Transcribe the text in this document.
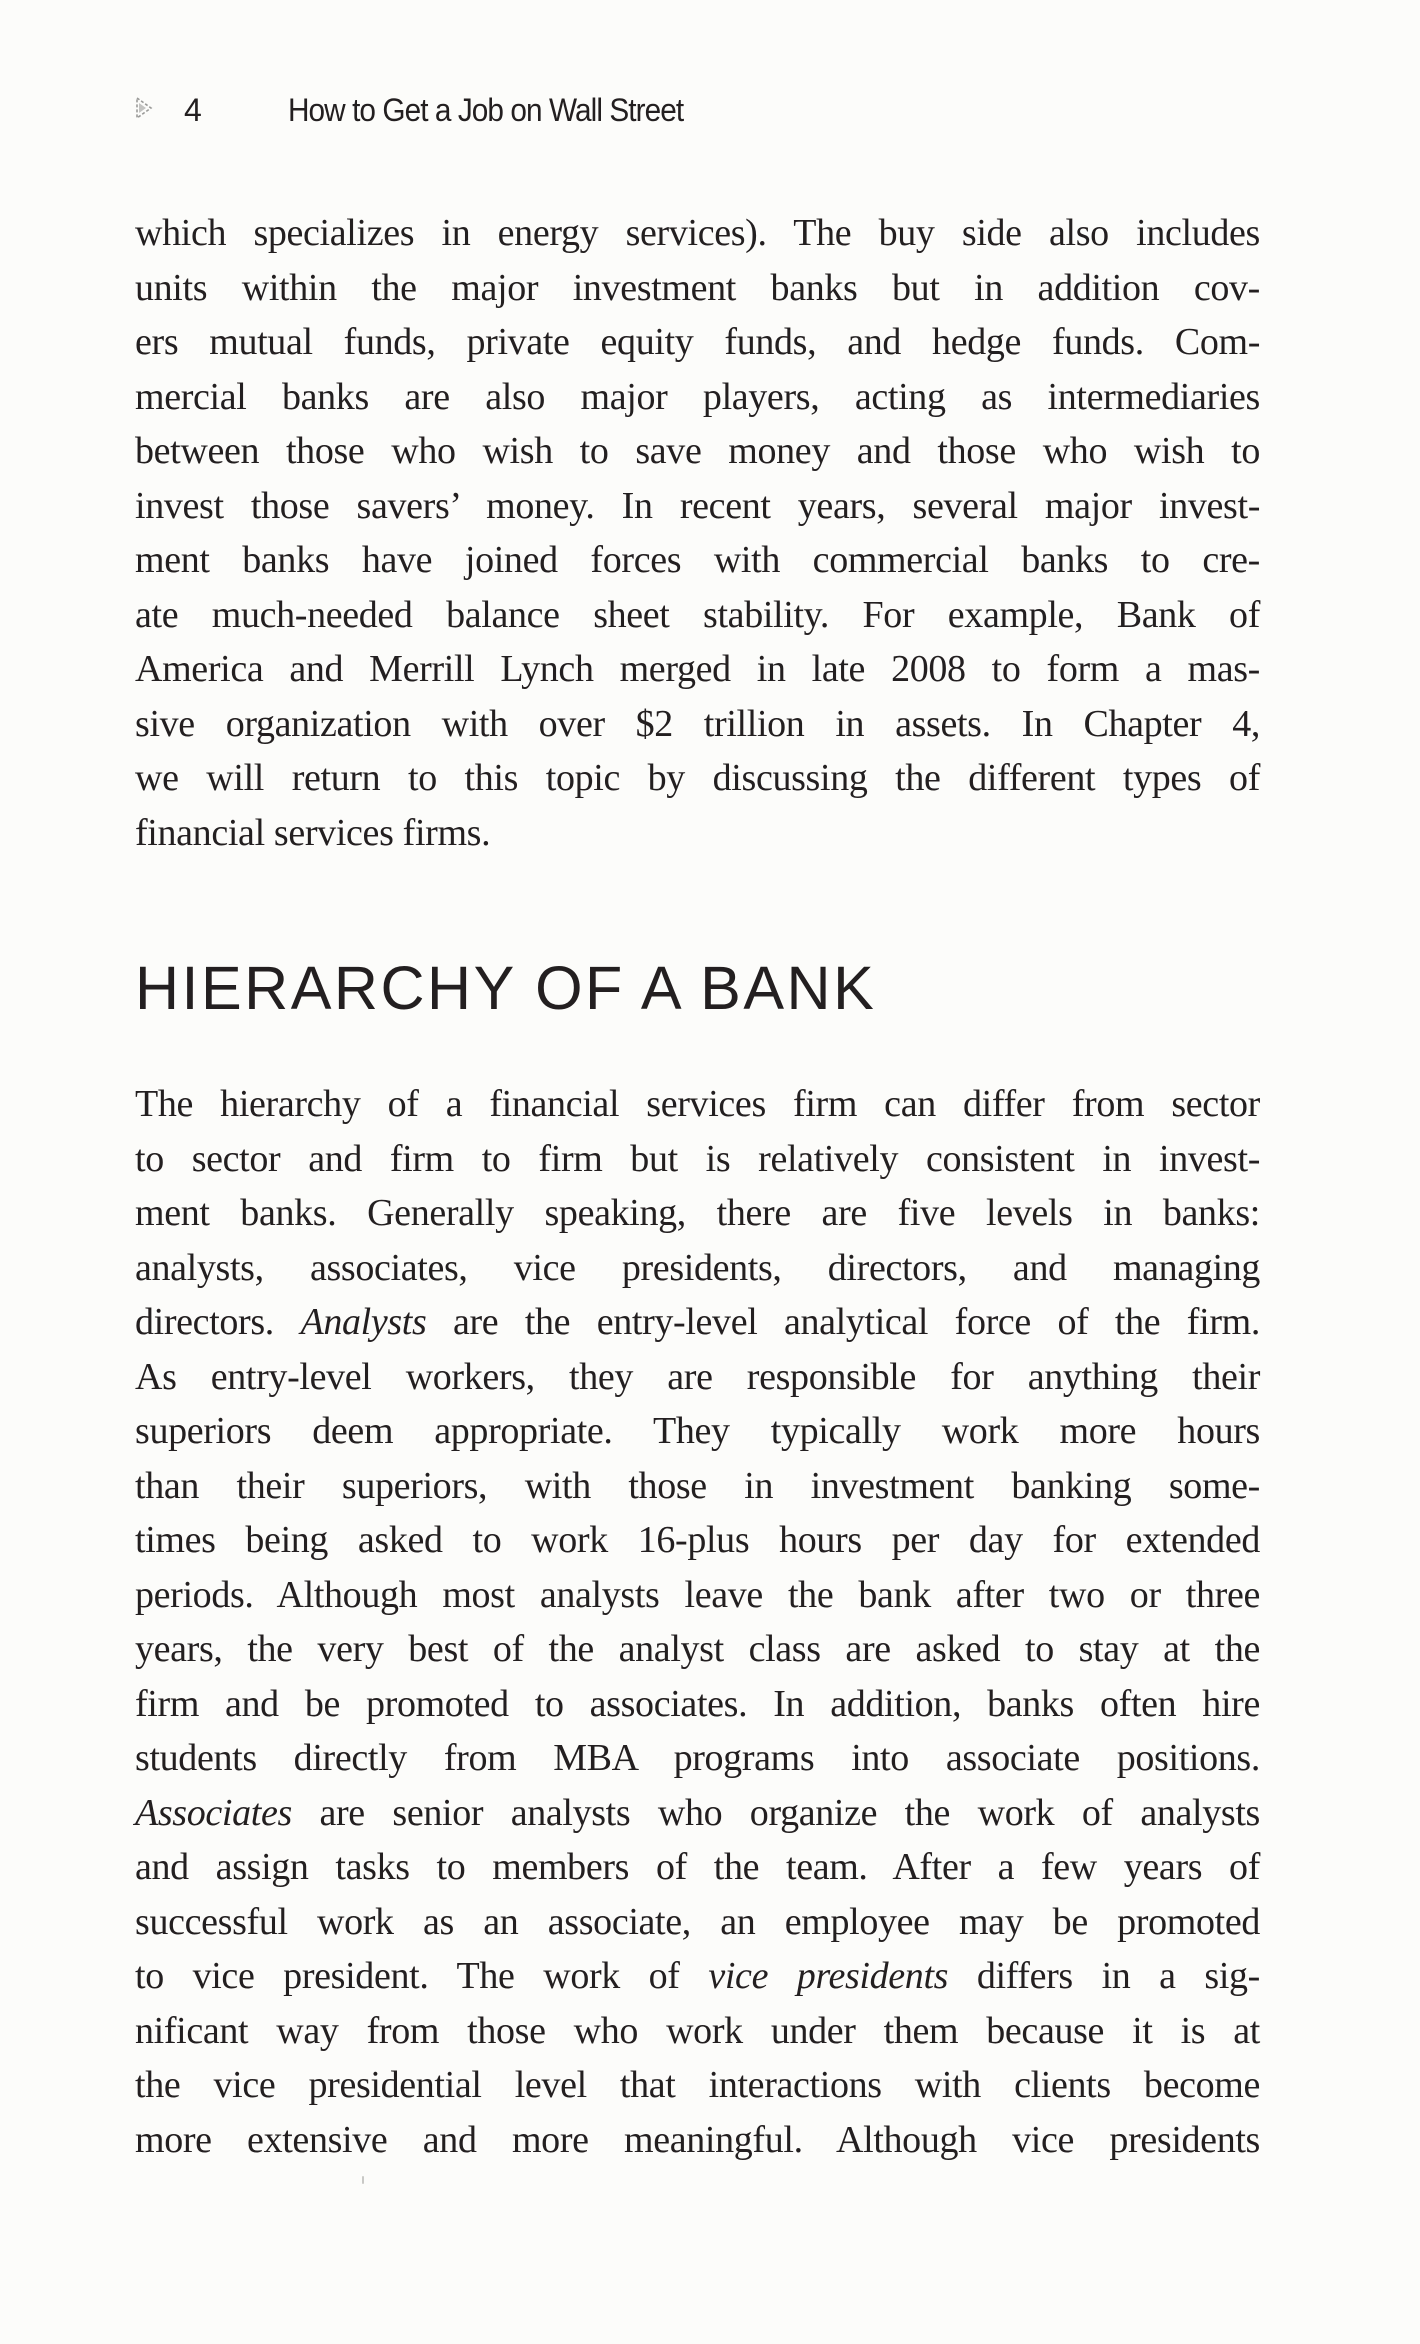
4	How to Get a Job on Wall Street
which specializes in energy services). The buy side also includes
units within the major investment banks but in addition cov-
ers mutual funds, private equity funds, and hedge funds. Com-
mercial banks are also major players, acting as intermediaries
between those who wish to save money and those who wish to
invest those savers’ money. In recent years, several major invest-
ment banks have joined forces with commercial banks to cre-
ate much-needed balance sheet stability. For example, Bank of
America and Merrill Lynch merged in late 2008 to form a mas-
sive organization with over $2 trillion in assets. In Chapter 4,
we will return to this topic by discussing the different types of
financial services firms.
HIERARCHY OF A BANK
The hierarchy of a financial services firm can differ from sector
to sector and firm to firm but is relatively consistent in invest-
ment banks. Generally speaking, there are five levels in banks:
analysts, associates, vice presidents, directors, and managing
directors. Analysts are the entry-level analytical force of the firm.
As entry-level workers, they are responsible for anything their
superiors deem appropriate. They typically work more hours
than their superiors, with those in investment banking some-
times being asked to work 16-plus hours per day for extended
periods. Although most analysts leave the bank after two or three
years, the very best of the analyst class are asked to stay at the
firm and be promoted to associates. In addition, banks often hire
students directly from MBA programs into associate positions.
Associates are senior analysts who organize the work of analysts
and assign tasks to members of the team. After a few years of
successful work as an associate, an employee may be promoted
to vice president. The work of vice presidents differs in a sig-
nificant way from those who work under them because it is at
the vice presidential level that interactions with clients become
more extensive and more meaningful. Although vice presidents
